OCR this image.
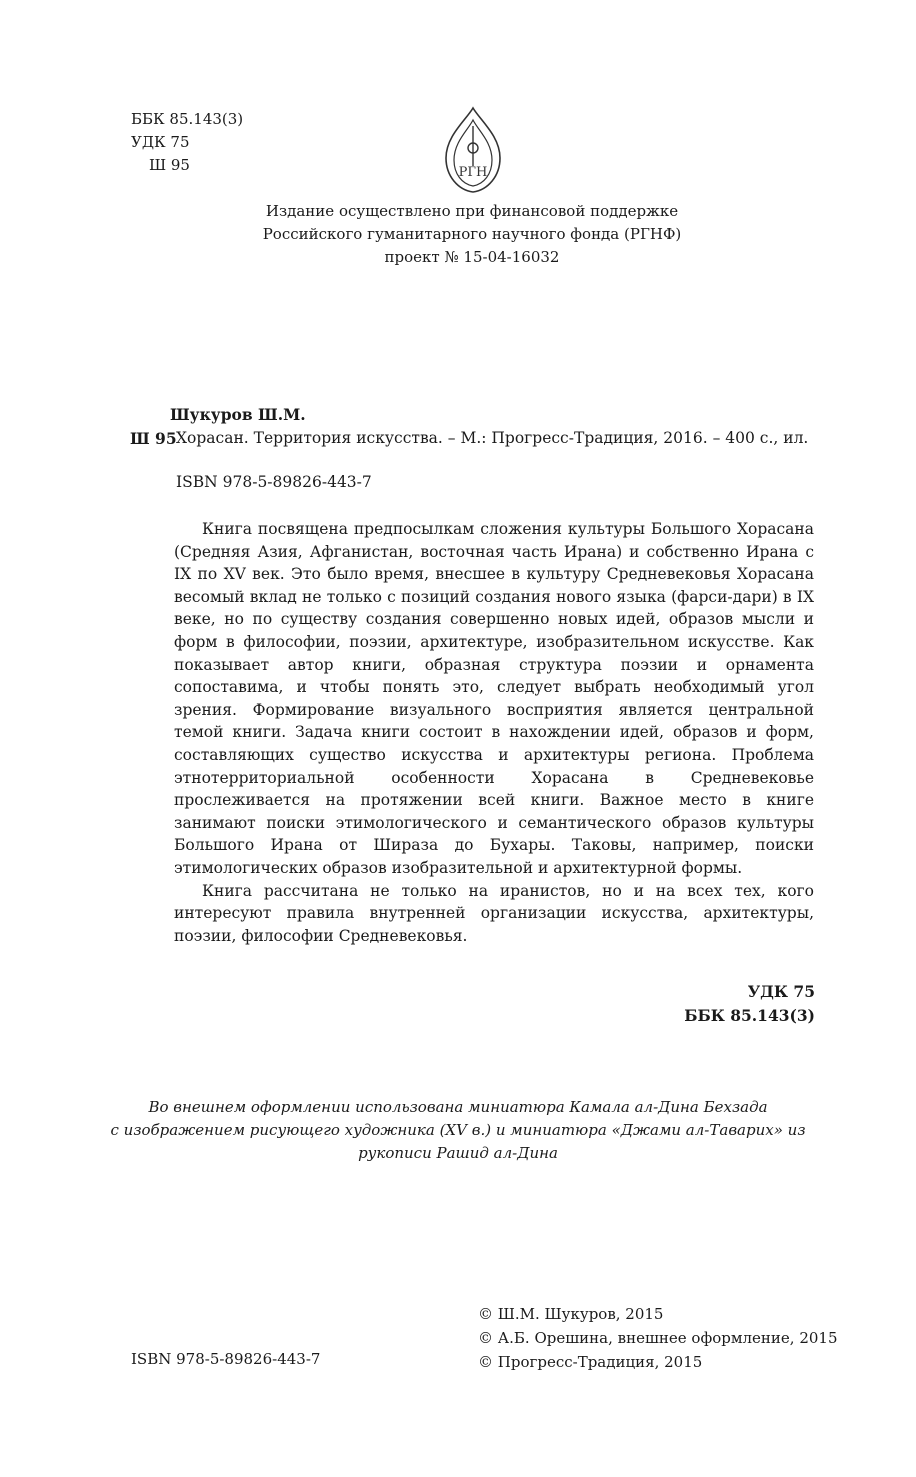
ББК 85.143(3)
УДК 75
Ш 95	РГН
Издание осуществлено при финансовой поддержке
Российского гуманитарного научного фонда (РГНФ)
проект № 15-04-16032
Шукуров Ш.М.
Ш 95 Хорасан. Территория искусства. – М.: Прогресс-Традиция, 2016. – 400 с., ил.
ISBN 978-5-89826-443-7

Книга посвящена предпосылкам сложения культуры Большого Хорасана (Средняя Азия, Афганистан, восточная часть Ирана) и собственно Ирана с IX по XV век. Это было время, внесшее в культуру Средневековья Хорасана весомый вклад не только с позиций создания нового языка (фарси-дари) в IX веке, но по существу создания совершенно новых идей, образов мысли и форм в философии, поэзии, архитектуре, изобразительном искусстве. Как показывает автор книги, образная структура поэзии и орнамента сопоставима, и чтобы понять это, следует выбрать необходимый угол зрения. Формирование визуального восприятия является центральной темой книги. Задача книги состоит в нахождении идей, образов и форм, составляющих существо искусства и архитектуры региона. Проблема этнотерриториальной особенности Хорасана в Средневековье прослеживается на протяжении всей книги. Важное место в книге занимают поиски этимологического и семантического образов культуры Большого Ирана от Шираза до Бухары. Таковы, например, поиски этимологических образов изобразительной и архитектурной формы.

Книга рассчитана не только на иранистов, но и на всех тех, кого интересуют правила внутренней организации искусства, архитектуры, поэзии, философии Средневековья.

УДК 75
ББК 85.143(3)
Во внешнем оформлении использована миниатюра Камала ал-Дина Бехзада
с изображением рисующего художника (XV в.) и миниатюра «Джами ал-Таварих» из
рукописи Рашид ал-Дина
© Ш.М. Шукуров, 2015
© А.Б. Орешина, внешнее оформление, 2015
© Прогресс-Традиция, 2015
ISBN 978-5-89826-443-7
